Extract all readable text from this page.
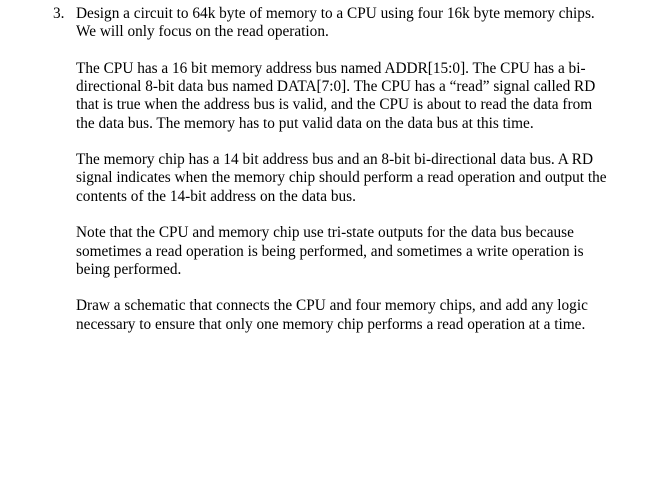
3. Design a circuit to 64k byte of memory to a CPU using four 16k byte memory chips. We will only focus on the read operation.

The CPU has a 16 bit memory address bus named ADDR[15:0]. The CPU has a bi-directional 8-bit data bus named DATA[7:0]. The CPU has a “read” signal called RD that is true when the address bus is valid, and the CPU is about to read the data from the data bus. The memory has to put valid data on the data bus at this time.

The memory chip has a 14 bit address bus and an 8-bit bi-directional data bus. A RD signal indicates when the memory chip should perform a read operation and output the contents of the 14-bit address on the data bus.

Note that the CPU and memory chip use tri-state outputs for the data bus because sometimes a read operation is being performed, and sometimes a write operation is being performed.

Draw a schematic that connects the CPU and four memory chips, and add any logic necessary to ensure that only one memory chip performs a read operation at a time.
